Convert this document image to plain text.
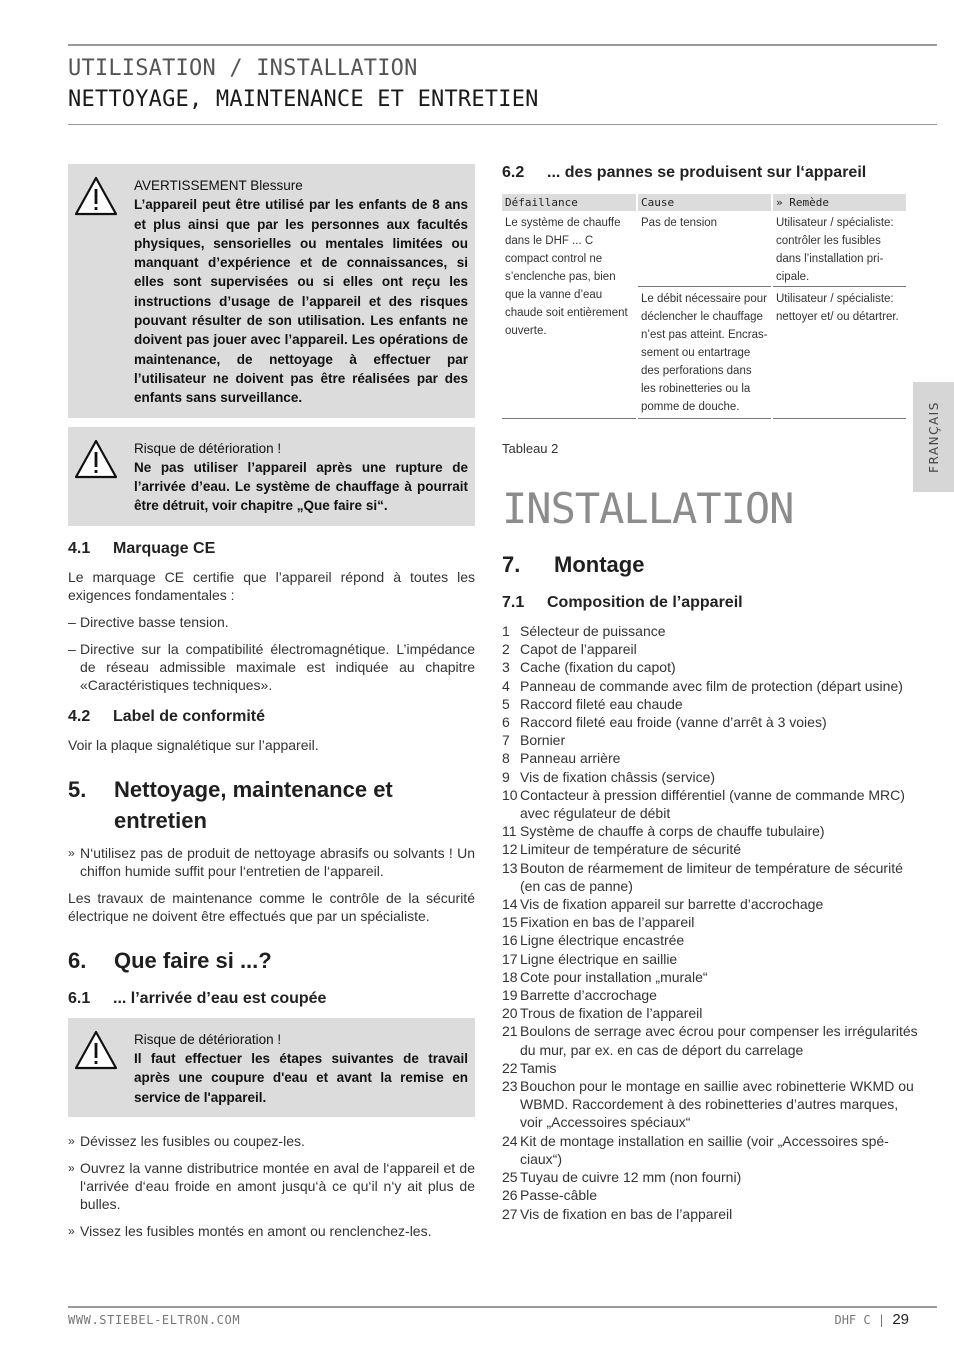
UTILISATION / INSTALLATION
NETTOYAGE, MAINTENANCE ET ENTRETIEN
FRANÇAIS

AVERTISSEMENT Blessure

L’appareil peut être utilisé par les enfants de 8 ans et plus ainsi que par les personnes aux facultés physiques, sensorielles ou mentales limitées ou manquant d’expérience et de connaissances, si elles sont supervisées ou si elles ont reçu les instructions d’usage de l’appareil et des risques pouvant résulter de son utilisation. Les enfants ne doivent pas jouer avec l’appareil. Les opérations de maintenance, de nettoyage à effectuer par l’utilisateur ne doivent pas être réalisées par des enfants sans surveillance.

Risque de détérioration !

Ne pas utiliser l’appareil après une rupture de l’arrivée d’eau. Le système de chauffage à pourrait être détruit, voir chapitre „Que faire si“.

4.1	Marquage CE

Le marquage CE certifie que l’appareil répond à toutes les exigences fondamentales :

– Directive basse tension.
– Directive sur la compatibilité électromagnétique. L’impédance de réseau admissible maximale est indiquée au chapitre «Caractéristiques techniques».
4.2	Label de conformité

Voir la plaque signalétique sur l’appareil.

5.	Nettoyage, maintenance et entretien
» N‘utilisez pas de produit de nettoyage abrasifs ou solvants ! Un chiffon humide suffit pour l‘entretien de l‘appareil.

Les travaux de maintenance comme le contrôle de la sécurité électrique ne doivent être effectués que par un spécialiste.

6.	Que faire si ...?
6.1	... l’arrivée d’eau est coupée

Risque de détérioration !

Il faut effectuer les étapes suivantes de travail après une coupure d'eau et avant la remise en service de l'appareil.

» Dévissez les fusibles ou coupez-les.
» Ouvrez la vanne distributrice montée en aval de l‘appareil et de l‘arrivée d‘eau froide en amont jusqu‘à ce qu‘il n‘y ait plus de bulles.
» Vissez les fusibles montés en amont ou renclenchez-les.
6.2	... des pannes se produisent sur l‘appareil
Défaillance	Cause	» Remède
Le système de chauffe dans le DHF ... C compact control ne s’enclenche pas, bien que la vanne d’eau chaude soit entièrement ouverte.	Pas de tension	Utilisateur / spécialiste: contrôler les fusibles dans l’installation pricipale.
	Le débit nécessaire pour déclencher le chauffage n’est pas atteint. Encrassement ou entartrage des perforations dans les robinetteries ou la pomme de douche.	Utilisateur / spécialiste: nettoyer et/ ou détartrer.

Tableau 2

INSTALLATION
7.	Montage
7.1	Composition de l’appareil
1 Sélecteur de puissance
2 Capot de l’appareil
3 Cache (fixation du capot)
4 Panneau de commande avec film de protection (départ usine)
5 Raccord fileté eau chaude
6 Raccord fileté eau froide (vanne d’arrêt à 3 voies)
7 Bornier
8 Panneau arrière
9 Vis de fixation châssis (service)
10 Contacteur à pression différentiel (vanne de commande MRC) avec régulateur de débit
11 Système de chauffe à corps de chauffe tubulaire)
12 Limiteur de température de sécurité
13 Bouton de réarmement de limiteur de température de sécurité (en cas de panne)
14 Vis de fixation appareil sur barrette d’accrochage
15 Fixation en bas de l’appareil
16 Ligne électrique encastrée
17 Ligne électrique en saillie
18 Cote pour installation „murale“
19 Barrette d’accrochage
20 Trous de fixation de l’appareil
21 Boulons de serrage avec écrou pour compenser les irrégularités du mur, par ex. en cas de déport du carrelage
22 Tamis
23 Bouchon pour le montage en saillie avec robinetterie WKMD ou WBMD. Raccordement à des robinetteries d’autres marques, voir „Accessoires spéciaux“
24 Kit de montage installation en saillie (voir „Accessoires spéciaux“)
25 Tuyau de cuivre 12 mm (non fourni)
26 Passe-câble
27 Vis de fixation en bas de l’appareil
WWW.STIEBEL-ELTRON.COM	DHF C | 29
